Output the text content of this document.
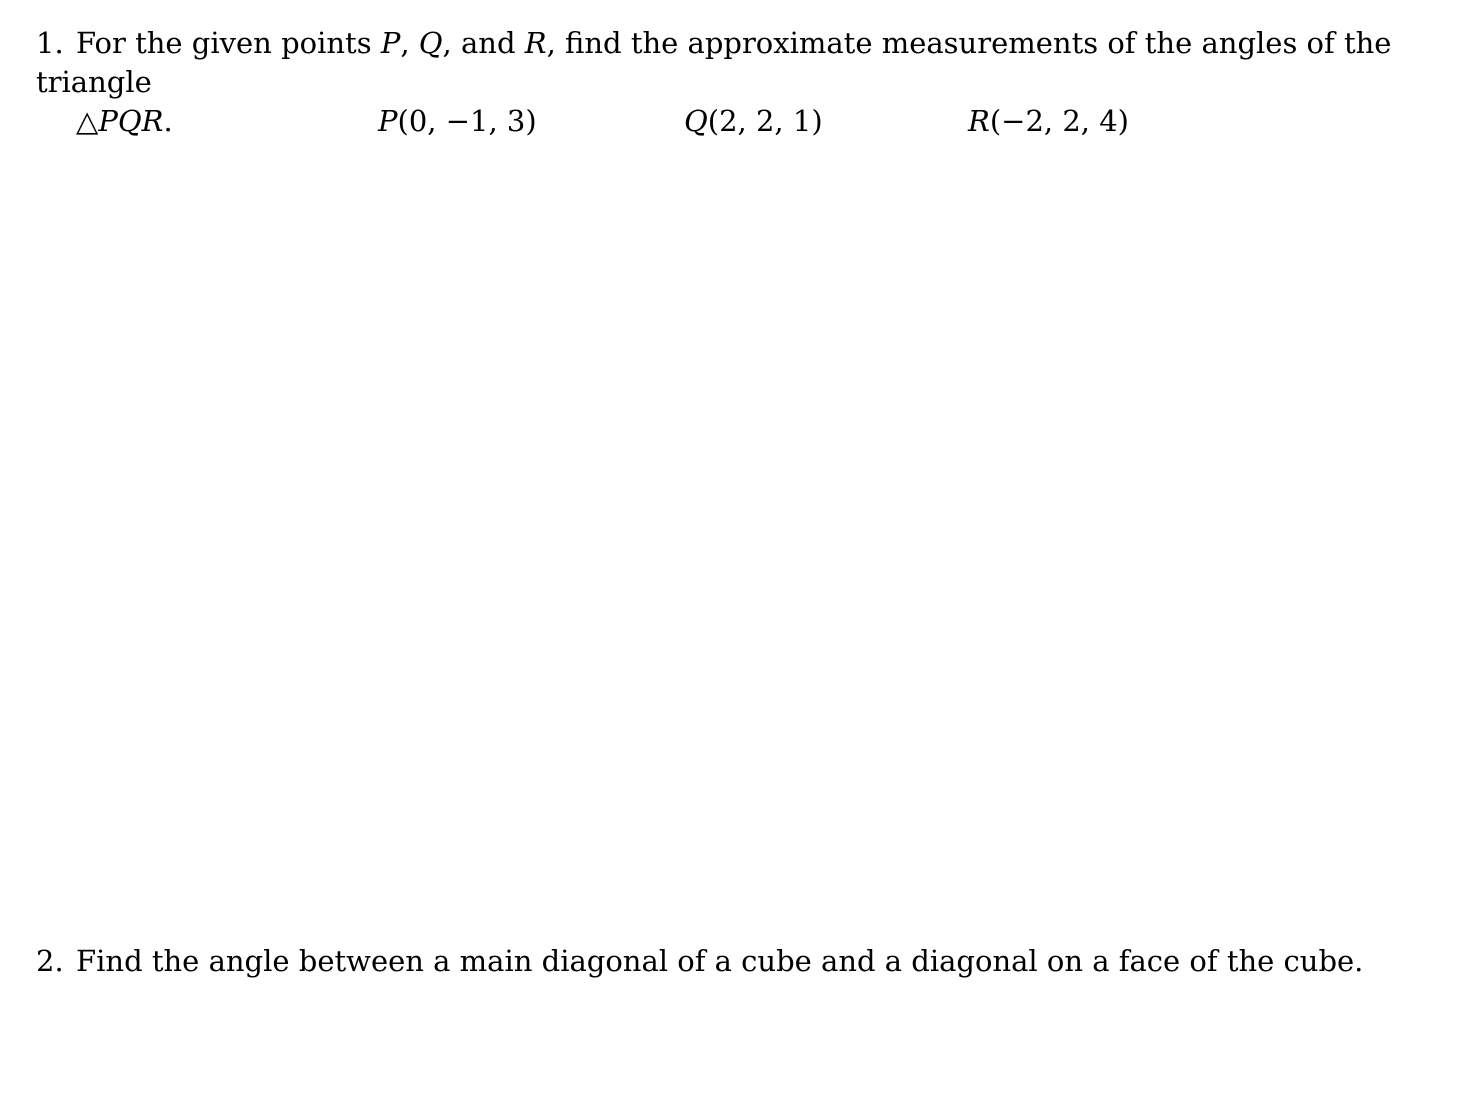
1. For the given points P, Q, and R, find the approximate measurements of the angles of the triangle
△PQR.	P(0, −1, 3)	Q(2, 2, 1)	R(−2, 2, 4)
2. Find the angle between a main diagonal of a cube and a diagonal on a face of the cube.
